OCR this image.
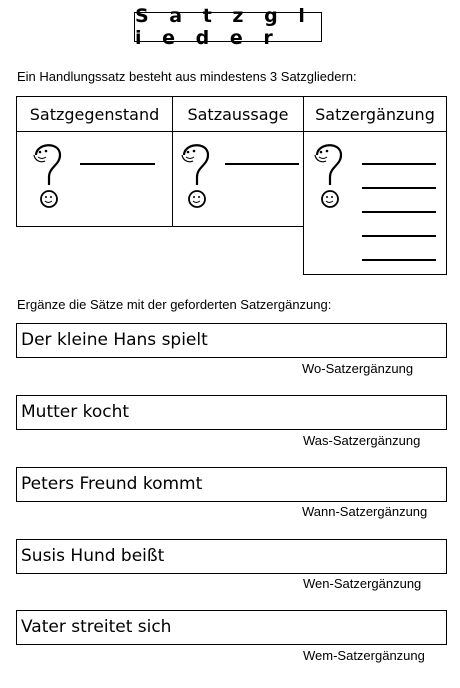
S a t z g l i e d e r
Ein Handlungssatz besteht aus mindestens 3 Satzgliedern:
Satzgegenstand	Satzaussage	Satzergänzung
Ergänze die Sätze mit der geforderten Satzergänzung:
Der kleine Hans spielt
Wo-Satzergänzung
Mutter kocht
Was-Satzergänzung
Peters Freund kommt
Wann-Satzergänzung
Susis Hund beißt
Wen-Satzergänzung
Vater streitet sich
Wem-Satzergänzung
